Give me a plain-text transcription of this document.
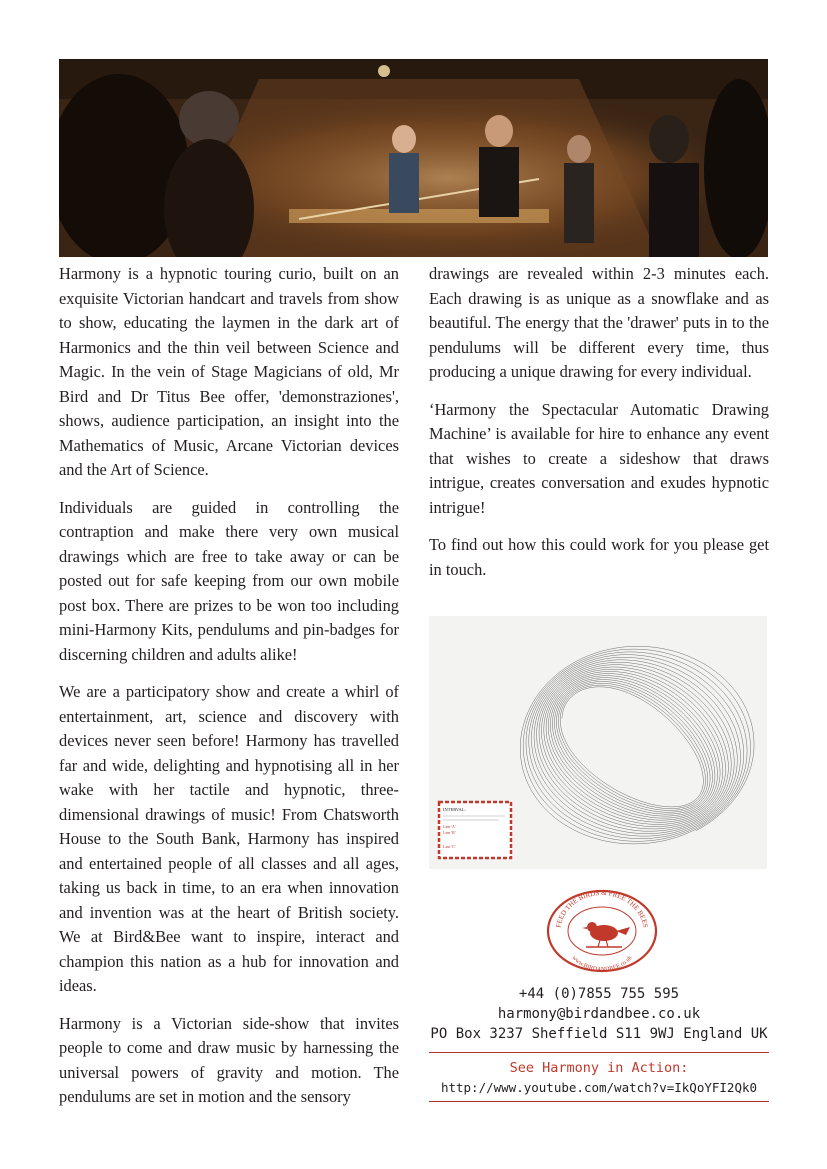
Harmony is a hypnotic touring curio, built on an exquisite Victorian handcart and travels from show to show, educating the laymen in the dark art of Harmonics and the thin veil between Science and Magic. In the vein of Stage Magicians of old, Mr Bird and Dr Titus Bee offer, 'demonstraziones', shows, audience participation, an insight into the Mathematics of Music, Arcane Victorian devices and the Art of Science.

Individuals are guided in controlling the contraption and make there very own musical drawings which are free to take away or can be posted out for safe keeping from our own mobile post box. There are prizes to be won too including mini-Harmony Kits, pendulums and pin-badges for discerning children and adults alike!

We are a participatory show and create a whirl of entertainment, art, science and discovery with devices never seen before! Harmony has travelled far and wide, delighting and hypnotising all in her wake with her tactile and hypnotic, three-dimensional drawings of music! From Chatsworth House to the South Bank, Harmony has inspired and entertained people of all classes and all ages, taking us back in time, to an era when innovation and invention was at the heart of British society. We at Bird&Bee want to inspire, interact and champion this nation as a hub for innovation and ideas.

Harmony is a Victorian side-show that invites people to come and draw music by harnessing the universal powers of gravity and motion. The pendulums are set in motion and the sensory

drawings are revealed within 2-3 minutes each. Each drawing is as unique as a snowflake and as beautiful. The energy that the 'drawer' puts in to the pendulums will be different every time, thus producing a unique drawing for every individual.

‘Harmony the Spectacular Automatic Drawing Machine’ is available for hire to enhance any event that wishes to create a sideshow that draws intrigue, creates conversation and exudes hypnotic intrigue!

To find out how this could work for you please get in touch.

INTERVAL:
Line 'A'
Line 'B'
Line 'C'
FEED THE BIRDS & FREE THE BEES
www.BIRDANDBEE.co.uk
+44 (0)7855 755 595
harmony@birdandbee.co.uk
PO Box 3237 Sheffield S11 9WJ England UK
See Harmony in Action:
http://www.youtube.com/watch?v=IkQoYFI2Qk0
